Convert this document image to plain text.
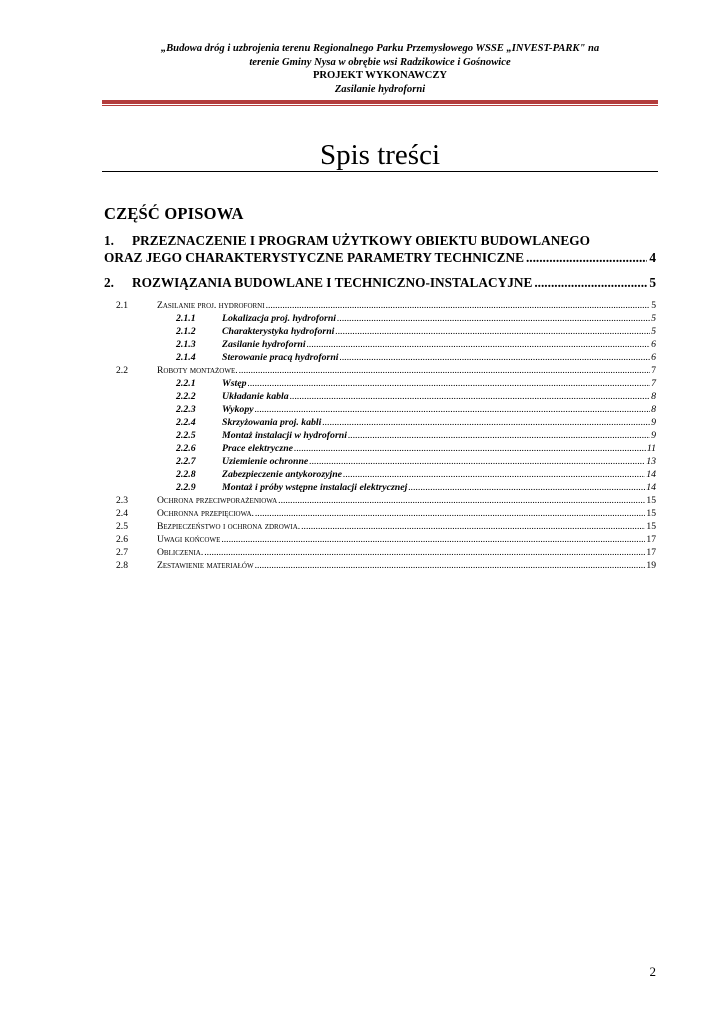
„Budowa dróg i uzbrojenia terenu Regionalnego Parku Przemysłowego WSSE „INVEST-PARK" na
terenie Gminy Nysa w obrębie wsi Radzikowice i Gośnowice
PROJEKT WYKONAWCZY
Zasilanie hydroforni
Spis treści
CZĘŚĆ OPISOWA
1.	PRZEZNACZENIE I PROGRAM UŻYTKOWY OBIEKTU BUDOWLANEGO
ORAZ JEGO CHARAKTERYSTYCZNE PARAMETRY TECHNICZNE .....	4
2.	ROZWIĄZANIA BUDOWLANE I TECHNICZNO-INSTALACYJNE .....	5
2.1	Zasilanie proj. hydroforni .....	5
2.1.1	Lokalizacja proj. hydroforni .....	5
2.1.2	Charakterystyka hydroforni .....	5
2.1.3	Zasilanie hydroforni .....	6
2.1.4	Sterowanie pracą hydroforni .....	6
2.2	Roboty montażowe. .....	7
2.2.1	Wstęp .....	7
2.2.2	Układanie kabla .....	8
2.2.3	Wykopy .....	8
2.2.4	Skrzyżowania proj. kabli .....	9
2.2.5	Montaż instalacji w hydroforni .....	9
2.2.6	Prace elektryczne .....	11
2.2.7	Uziemienie ochronne .....	13
2.2.8	Zabezpieczenie antykorozyjne .....	14
2.2.9	Montaż i próby wstępne instalacji elektrycznej .....	14
2.3	Ochrona przeciwporażeniowa .....	15
2.4	Ochronna przepięciowa. .....	15
2.5	Bezpieczeństwo i ochrona zdrowia. .....	15
2.6	Uwagi końcowe .....	17
2.7	Obliczenia. .....	17
2.8	Zestawienie materiałów .....	19
2
